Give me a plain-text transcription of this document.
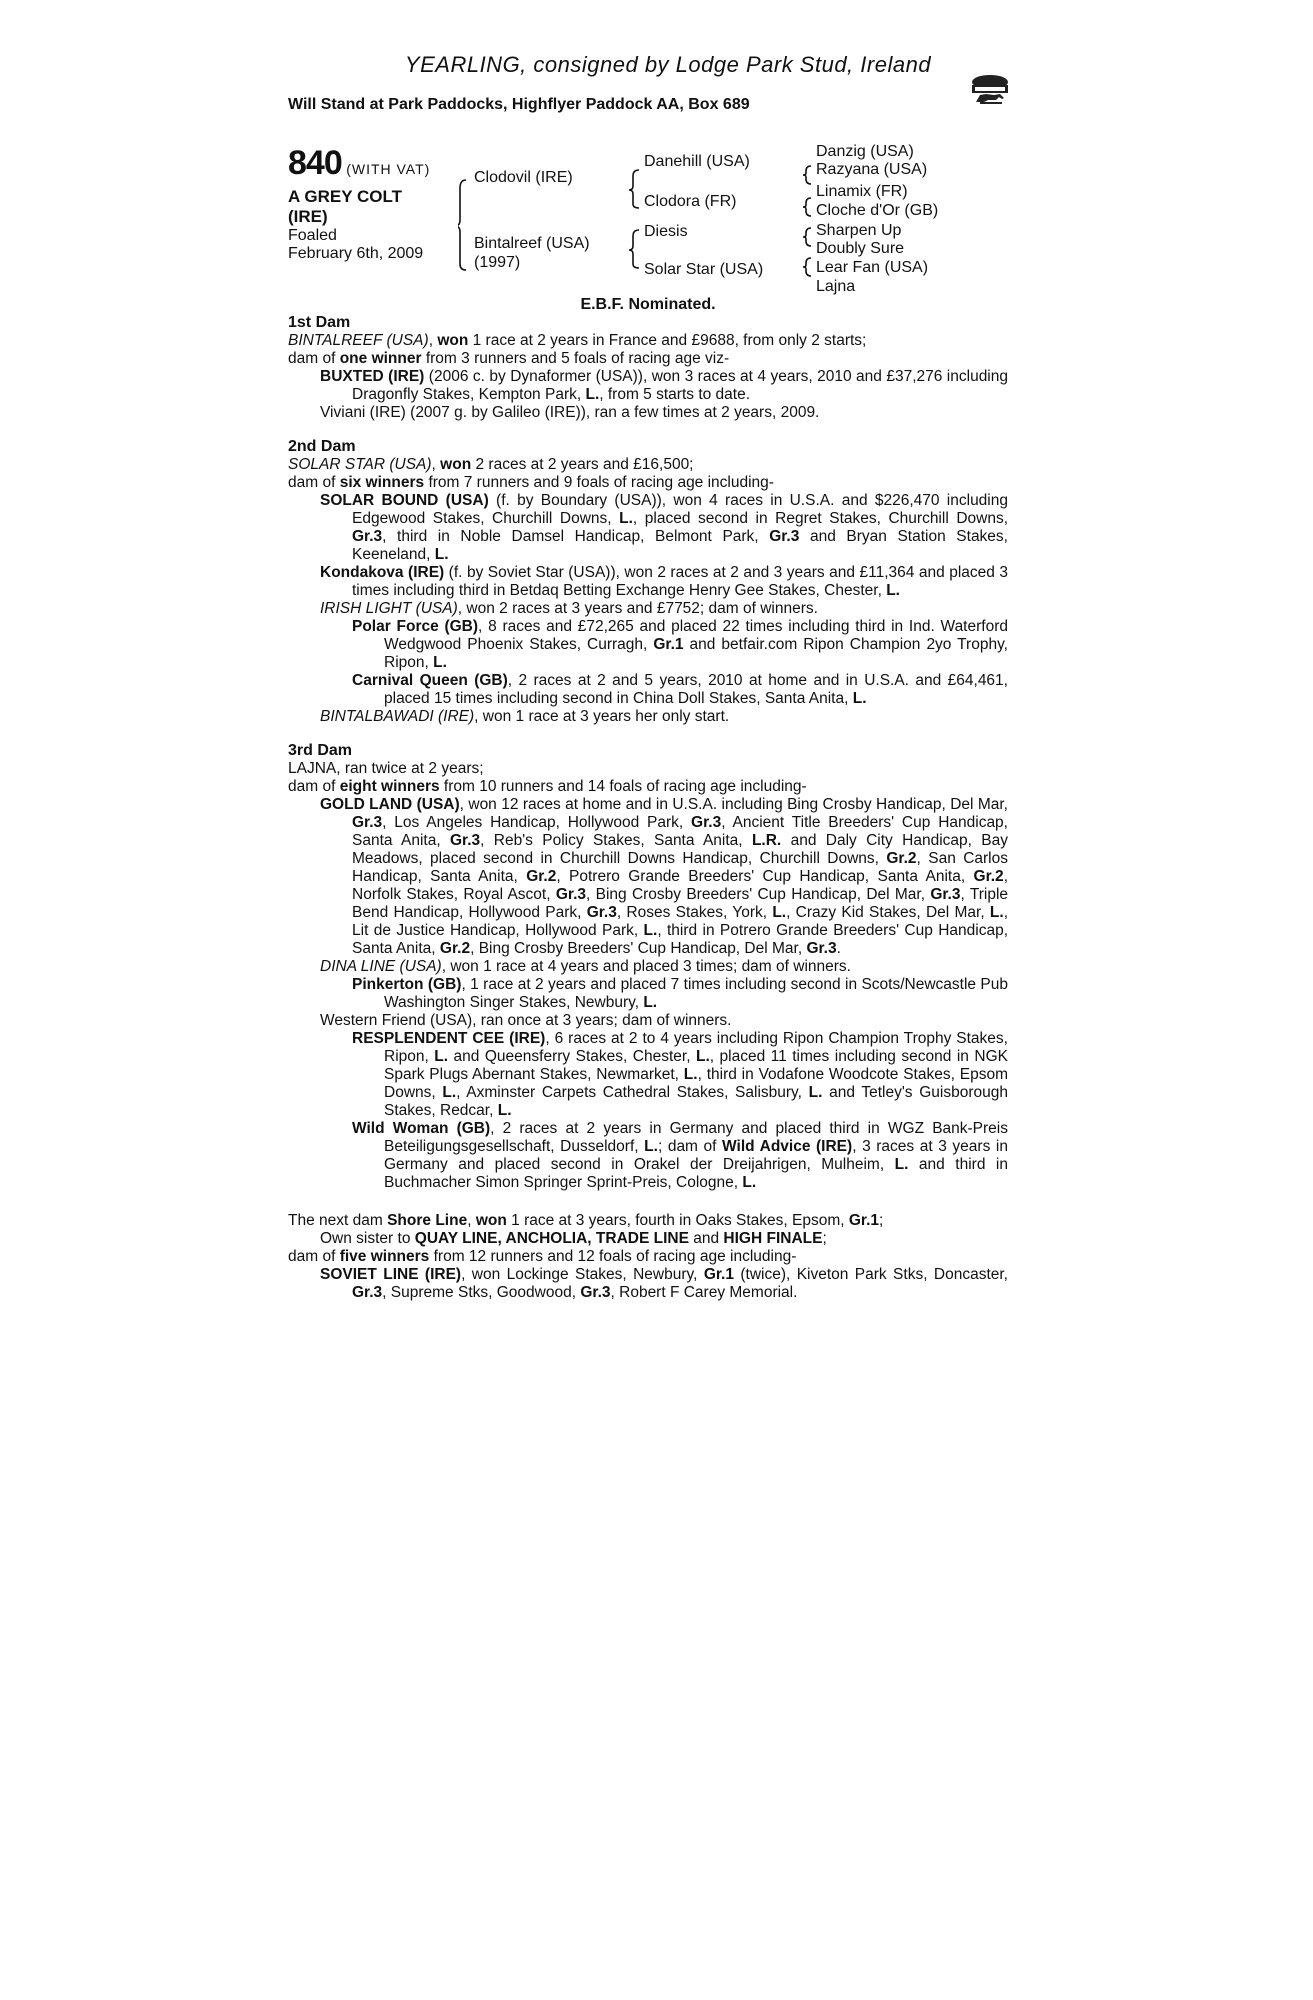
YEARLING, consigned by Lodge Park Stud, Ireland
Will Stand at Park Paddocks, Highflyer Paddock AA, Box 689
840 (WITH VAT)
A GREY COLT
(IRE)
Foaled
February 6th, 2009
Clodovil (IRE)
Bintalreef (USA)
(1997)
Danehill (USA)
Clodora (FR)
Diesis
Solar Star (USA)
Danzig (USA)
Razyana (USA)
Linamix (FR)
Cloche d'Or (GB)
Sharpen Up
Doubly Sure
Lear Fan (USA)
Lajna
E.B.F. Nominated.
1st Dam

BINTALREEF (USA), won 1 race at 2 years in France and £9688, from only 2 starts;

dam of one winner from 3 runners and 5 foals of racing age viz-

BUXTED (IRE) (2006 c. by Dynaformer (USA)), won 3 races at 4 years, 2010 and £37,276 including Dragonfly Stakes, Kempton Park, L., from 5 starts to date.

Viviani (IRE) (2007 g. by Galileo (IRE)), ran a few times at 2 years, 2009.

2nd Dam

SOLAR STAR (USA), won 2 races at 2 years and £16,500;

dam of six winners from 7 runners and 9 foals of racing age including-

SOLAR BOUND (USA) (f. by Boundary (USA)), won 4 races in U.S.A. and $226,470 including Edgewood Stakes, Churchill Downs, L., placed second in Regret Stakes, Churchill Downs, Gr.3, third in Noble Damsel Handicap, Belmont Park, Gr.3 and Bryan Station Stakes, Keeneland, L.

Kondakova (IRE) (f. by Soviet Star (USA)), won 2 races at 2 and 3 years and £11,364 and placed 3 times including third in Betdaq Betting Exchange Henry Gee Stakes, Chester, L.

IRISH LIGHT (USA), won 2 races at 3 years and £7752; dam of winners.

Polar Force (GB), 8 races and £72,265 and placed 22 times including third in Ind. Waterford Wedgwood Phoenix Stakes, Curragh, Gr.1 and betfair.com Ripon Champion 2yo Trophy, Ripon, L.

Carnival Queen (GB), 2 races at 2 and 5 years, 2010 at home and in U.S.A. and £64,461, placed 15 times including second in China Doll Stakes, Santa Anita, L.

BINTALBAWADI (IRE), won 1 race at 3 years her only start.

3rd Dam

LAJNA, ran twice at 2 years;

dam of eight winners from 10 runners and 14 foals of racing age including-

GOLD LAND (USA), won 12 races at home and in U.S.A. including Bing Crosby Handicap, Del Mar, Gr.3, Los Angeles Handicap, Hollywood Park, Gr.3, Ancient Title Breeders' Cup Handicap, Santa Anita, Gr.3, Reb's Policy Stakes, Santa Anita, L.R. and Daly City Handicap, Bay Meadows, placed second in Churchill Downs Handicap, Churchill Downs, Gr.2, San Carlos Handicap, Santa Anita, Gr.2, Potrero Grande Breeders' Cup Handicap, Santa Anita, Gr.2, Norfolk Stakes, Royal Ascot, Gr.3, Bing Crosby Breeders' Cup Handicap, Del Mar, Gr.3, Triple Bend Handicap, Hollywood Park, Gr.3, Roses Stakes, York, L., Crazy Kid Stakes, Del Mar, L., Lit de Justice Handicap, Hollywood Park, L., third in Potrero Grande Breeders' Cup Handicap, Santa Anita, Gr.2, Bing Crosby Breeders' Cup Handicap, Del Mar, Gr.3.

DINA LINE (USA), won 1 race at 4 years and placed 3 times; dam of winners.

Pinkerton (GB), 1 race at 2 years and placed 7 times including second in Scots/Newcastle Pub Washington Singer Stakes, Newbury, L.

Western Friend (USA), ran once at 3 years; dam of winners.

RESPLENDENT CEE (IRE), 6 races at 2 to 4 years including Ripon Champion Trophy Stakes, Ripon, L. and Queensferry Stakes, Chester, L., placed 11 times including second in NGK Spark Plugs Abernant Stakes, Newmarket, L., third in Vodafone Woodcote Stakes, Epsom Downs, L., Axminster Carpets Cathedral Stakes, Salisbury, L. and Tetley's Guisborough Stakes, Redcar, L.

Wild Woman (GB), 2 races at 2 years in Germany and placed third in WGZ Bank-Preis Beteiligungsgesellschaft, Dusseldorf, L.; dam of Wild Advice (IRE), 3 races at 3 years in Germany and placed second in Orakel der Dreijahrigen, Mulheim, L. and third in Buchmacher Simon Springer Sprint-Preis, Cologne, L.

The next dam Shore Line, won 1 race at 3 years, fourth in Oaks Stakes, Epsom, Gr.1;

Own sister to QUAY LINE, ANCHOLIA, TRADE LINE and HIGH FINALE;

dam of five winners from 12 runners and 12 foals of racing age including-

SOVIET LINE (IRE), won Lockinge Stakes, Newbury, Gr.1 (twice), Kiveton Park Stks, Doncaster, Gr.3, Supreme Stks, Goodwood, Gr.3, Robert F Carey Memorial.
